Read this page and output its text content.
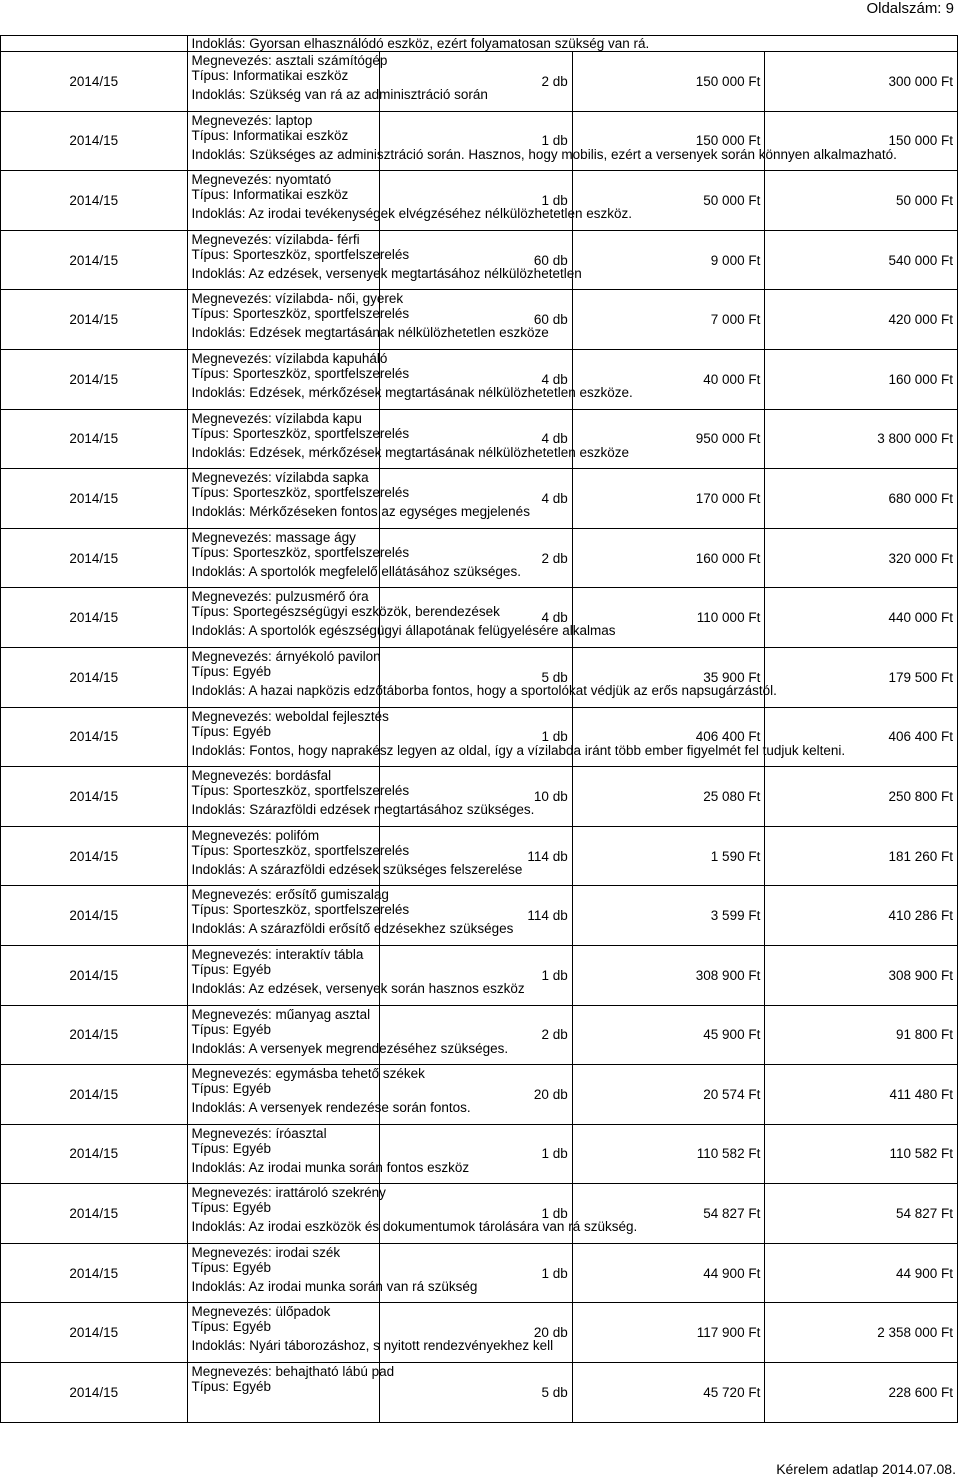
Oldalszám: 9

	Indoklás: Gyorsan elhasználódó eszköz, ezért folyamatosan szükség van rá.			

2014/15	Megnevezés: asztali számítógép
Típus: Informatikai eszköz
Indoklás: Szükség van rá az adminisztráció során	2 db	150 000 Ft	300 000 Ft
2014/15	Megnevezés: laptop
Típus: Informatikai eszköz
Indoklás: Szükséges az adminisztráció során. Hasznos, hogy mobilis, ezért a versenyek során könnyen alkalmazható.	1 db	150 000 Ft	150 000 Ft
2014/15	Megnevezés: nyomtató
Típus: Informatikai eszköz
Indoklás: Az irodai tevékenységek elvégzéséhez nélkülözhetetlen eszköz.	1 db	50 000 Ft	50 000 Ft
2014/15	Megnevezés: vízilabda- férfi
Típus: Sporteszköz, sportfelszerelés
Indoklás: Az edzések, versenyek megtartásához nélkülözhetetlen	60 db	9 000 Ft	540 000 Ft
2014/15	Megnevezés: vízilabda- női, gyerek
Típus: Sporteszköz, sportfelszerelés
Indoklás: Edzések megtartásának nélkülözhetetlen eszköze	60 db	7 000 Ft	420 000 Ft
2014/15	Megnevezés: vízilabda kapuháló
Típus: Sporteszköz, sportfelszerelés
Indoklás: Edzések, mérkőzések megtartásának nélkülözhetetlen eszköze.	4 db	40 000 Ft	160 000 Ft
2014/15	Megnevezés: vízilabda kapu
Típus: Sporteszköz, sportfelszerelés
Indoklás: Edzések, mérkőzések megtartásának nélkülözhetetlen eszköze	4 db	950 000 Ft	3 800 000 Ft
2014/15	Megnevezés: vízilabda sapka
Típus: Sporteszköz, sportfelszerelés
Indoklás: Mérkőzéseken fontos az egységes megjelenés	4 db	170 000 Ft	680 000 Ft
2014/15	Megnevezés: massage ágy
Típus: Sporteszköz, sportfelszerelés
Indoklás: A sportolók megfelelő ellátásához szükséges.	2 db	160 000 Ft	320 000 Ft
2014/15	Megnevezés: pulzusmérő óra
Típus: Sportegészségügyi eszközök, berendezések
Indoklás: A sportolók egészségügyi állapotának felügyelésére alkalmas	4 db	110 000 Ft	440 000 Ft
2014/15	Megnevezés: árnyékoló pavilon
Típus: Egyéb
Indoklás: A hazai napközis edzőtáborba fontos, hogy a sportolókat védjük az erős napsugárzástól.	5 db	35 900 Ft	179 500 Ft
2014/15	Megnevezés: weboldal fejlesztés
Típus: Egyéb
Indoklás: Fontos, hogy naprakész legyen az oldal, így a vízilabda iránt több ember figyelmét fel tudjuk kelteni.	1 db	406 400 Ft	406 400 Ft
2014/15	Megnevezés: bordásfal
Típus: Sporteszköz, sportfelszerelés
Indoklás: Szárazföldi edzések megtartásához szükséges.	10 db	25 080 Ft	250 800 Ft
2014/15	Megnevezés: polifóm
Típus: Sporteszköz, sportfelszerelés
Indoklás: A szárazföldi edzések szükséges felszerelése	114 db	1 590 Ft	181 260 Ft
2014/15	Megnevezés: erősítő gumiszalag
Típus: Sporteszköz, sportfelszerelés
Indoklás: A szárazföldi erősítő edzésekhez szükséges	114 db	3 599 Ft	410 286 Ft
2014/15	Megnevezés: interaktív tábla
Típus: Egyéb
Indoklás: Az edzések, versenyek során hasznos eszköz	1 db	308 900 Ft	308 900 Ft
2014/15	Megnevezés: műanyag asztal
Típus: Egyéb
Indoklás: A versenyek megrendezéséhez szükséges.	2 db	45 900 Ft	91 800 Ft
2014/15	Megnevezés: egymásba tehető székek
Típus: Egyéb
Indoklás: A versenyek rendezése során fontos.	20 db	20 574 Ft	411 480 Ft
2014/15	Megnevezés: íróasztal
Típus: Egyéb
Indoklás: Az irodai munka során fontos eszköz	1 db	110 582 Ft	110 582 Ft
2014/15	Megnevezés: irattároló szekrény
Típus: Egyéb
Indoklás: Az irodai eszközök és dokumentumok tárolására van rá szükség.	1 db	54 827 Ft	54 827 Ft
2014/15	Megnevezés: irodai szék
Típus: Egyéb
Indoklás: Az irodai munka során van rá szükség	1 db	44 900 Ft	44 900 Ft
2014/15	Megnevezés: ülőpadok
Típus: Egyéb
Indoklás: Nyári táborozáshoz, s nyitott rendezvényekhez kell	20 db	117 900 Ft	2 358 000 Ft
2014/15	Megnevezés: behajtható lábú pad
Típus: Egyéb	5 db	45 720 Ft	228 600 Ft
Kérelem adatlap 2014.07.08.
